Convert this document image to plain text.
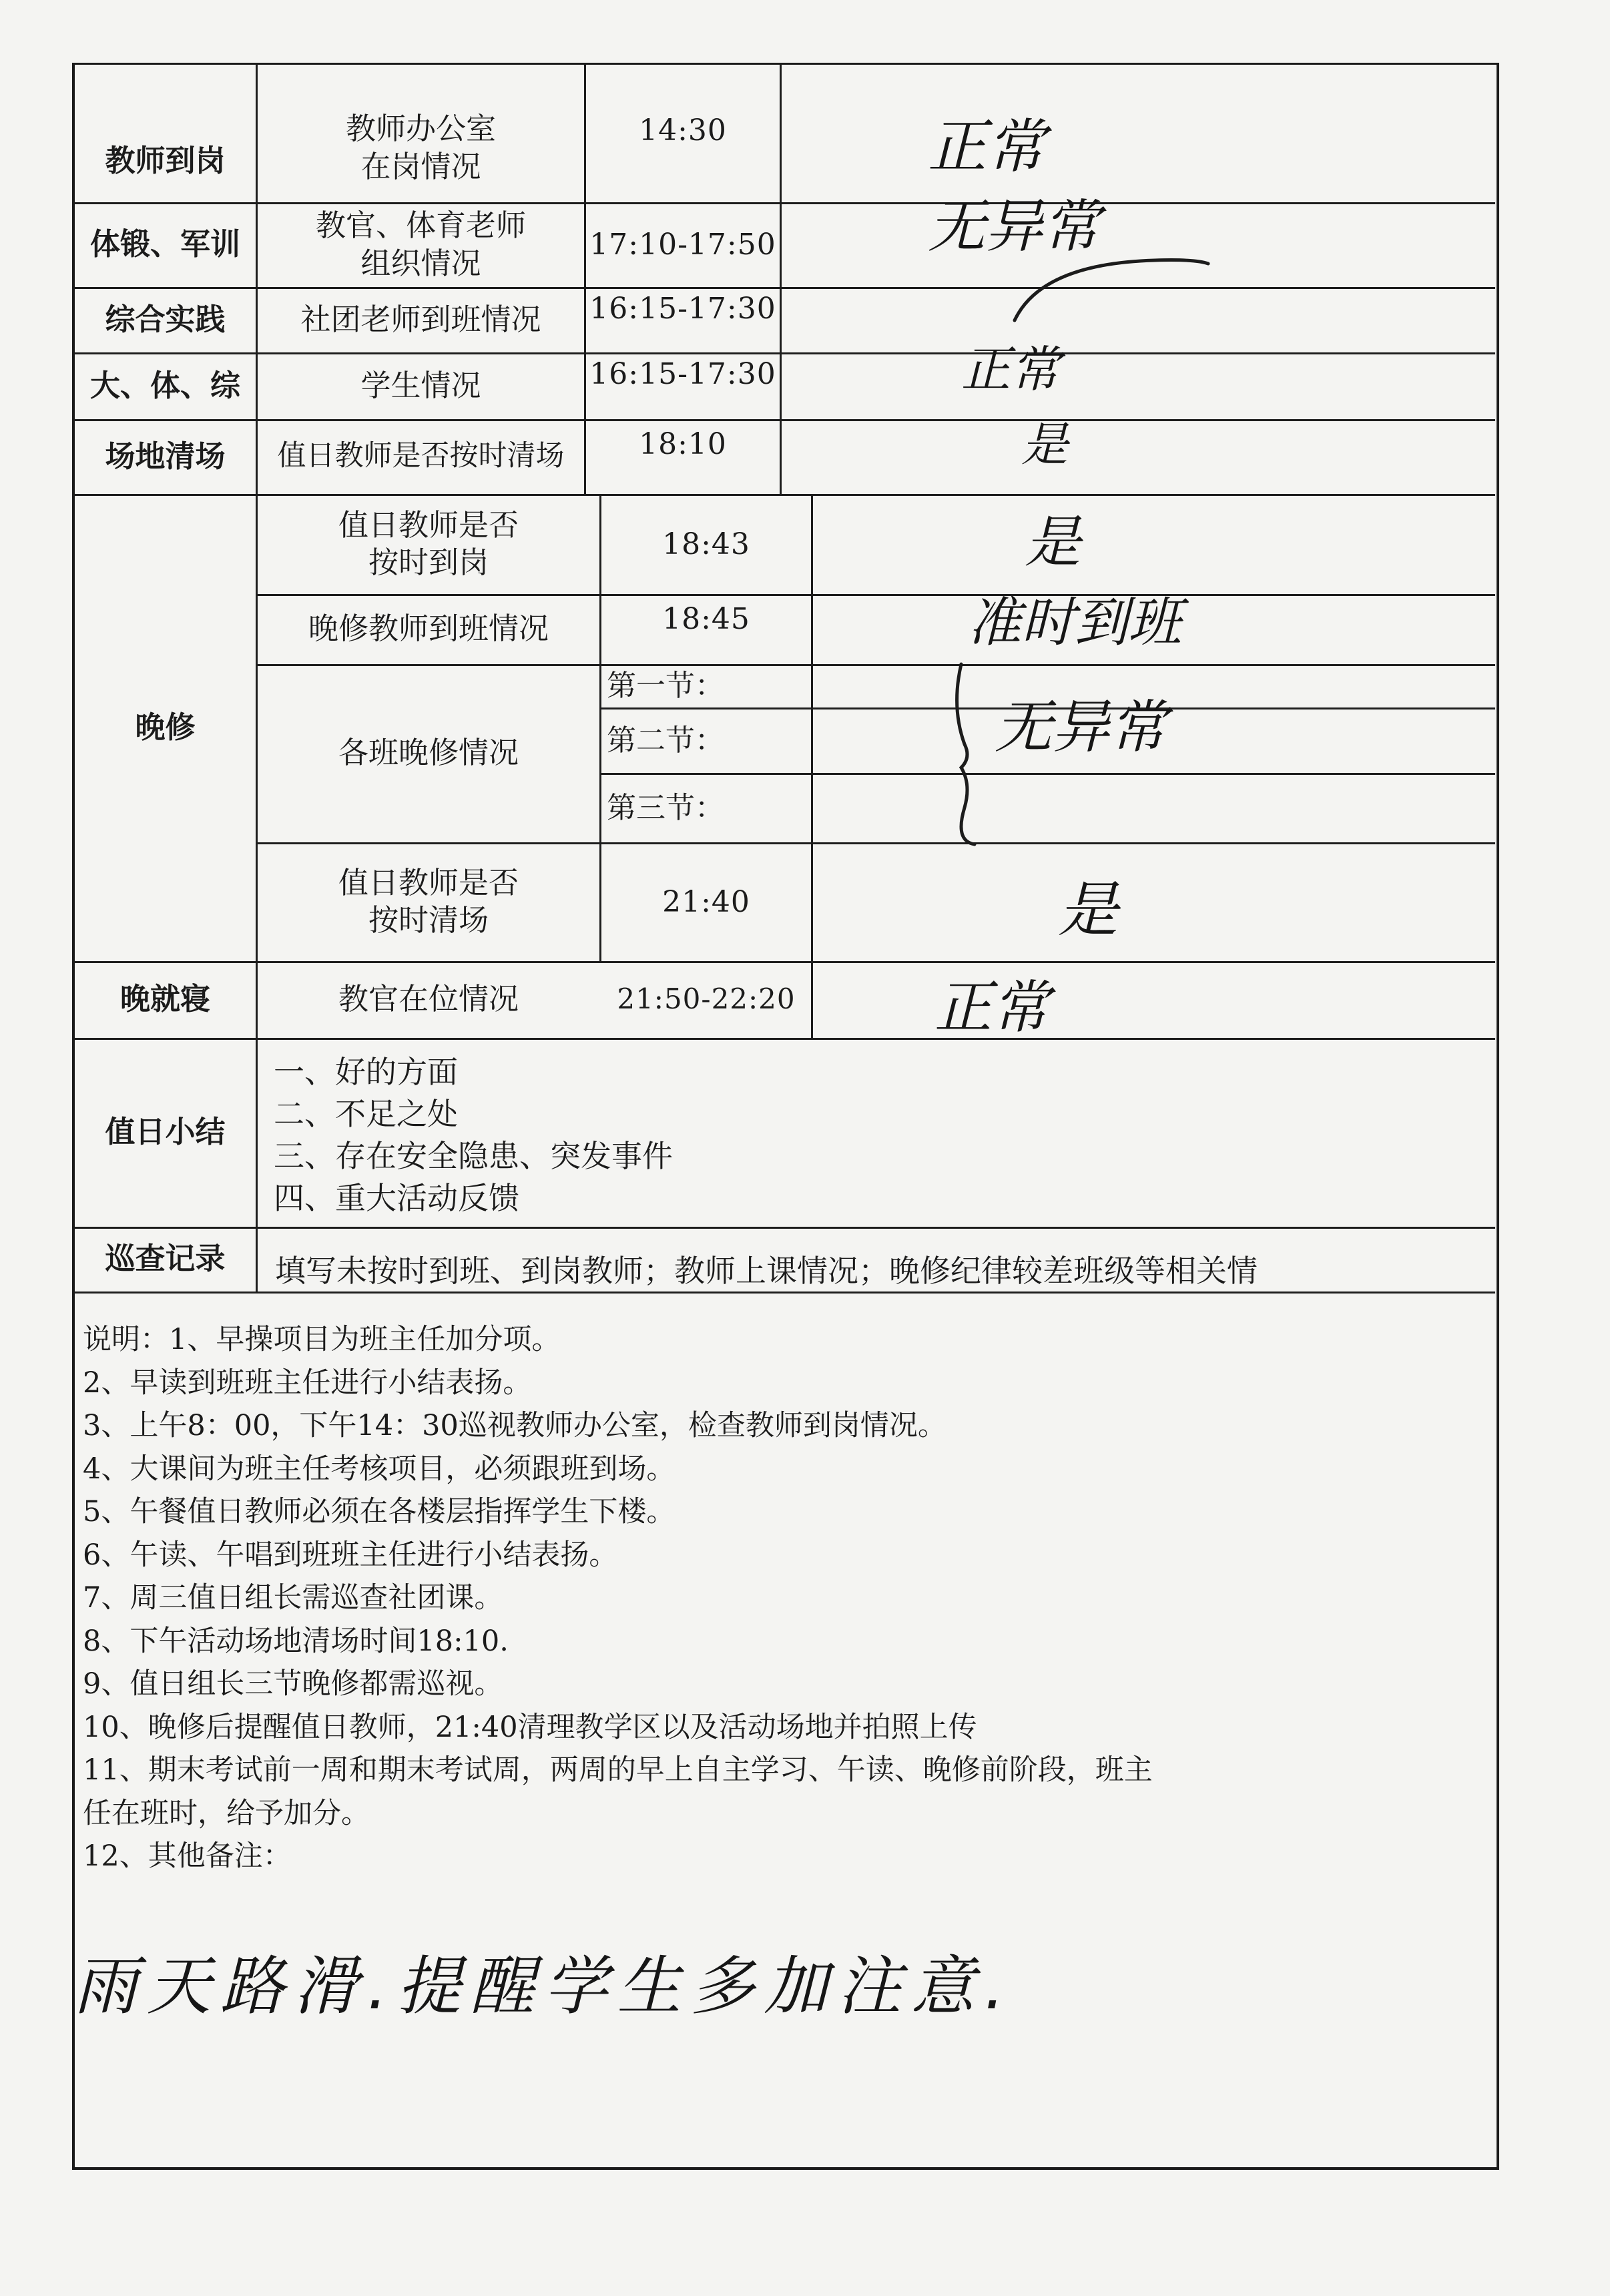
教师到岗
体锻、军训
综合实践
大、体、综
场地清场
晚修
晚就寝
值日小结
巡查记录
教师办公室
在岗情况
教官、体育老师
组织情况
社团老师到班情况
学生情况
值日教师是否按时清场
值日教师是否
按时到岗
晚修教师到班情况
各班晚修情况
值日教师是否
按时清场
教官在位情况
14:30
17:10-17:50
16:15-17:30
16:15-17:30
18:10
18:43
18:45
21:40
21:50-22:20
第一节：
第二节：
第三节：
正常
无异常
正常
是
是
准时到班
无异常
是
正常
一、好的方面
二、不足之处
三、存在安全隐患、突发事件
四、重大活动反馈
填写未按时到班、到岗教师；教师上课情况；晚修纪律较差班级等相关情
说明：1、早操项目为班主任加分项。
2、早读到班班主任进行小结表扬。
3、上午8：00，下午14：30巡视教师办公室，检查教师到岗情况。
4、大课间为班主任考核项目，必须跟班到场。
5、午餐值日教师必须在各楼层指挥学生下楼。
6、午读、午唱到班班主任进行小结表扬。
7、周三值日组长需巡查社团课。
8、下午活动场地清场时间18:10.
9、值日组长三节晚修都需巡视。
10、晚修后提醒值日教师，21:40清理教学区以及活动场地并拍照上传
11、期末考试前一周和期末考试周，两周的早上自主学习、午读、晚修前阶段，班主
任在班时，给予加分。
12、其他备注：
雨天路滑.提醒学生多加注意.
